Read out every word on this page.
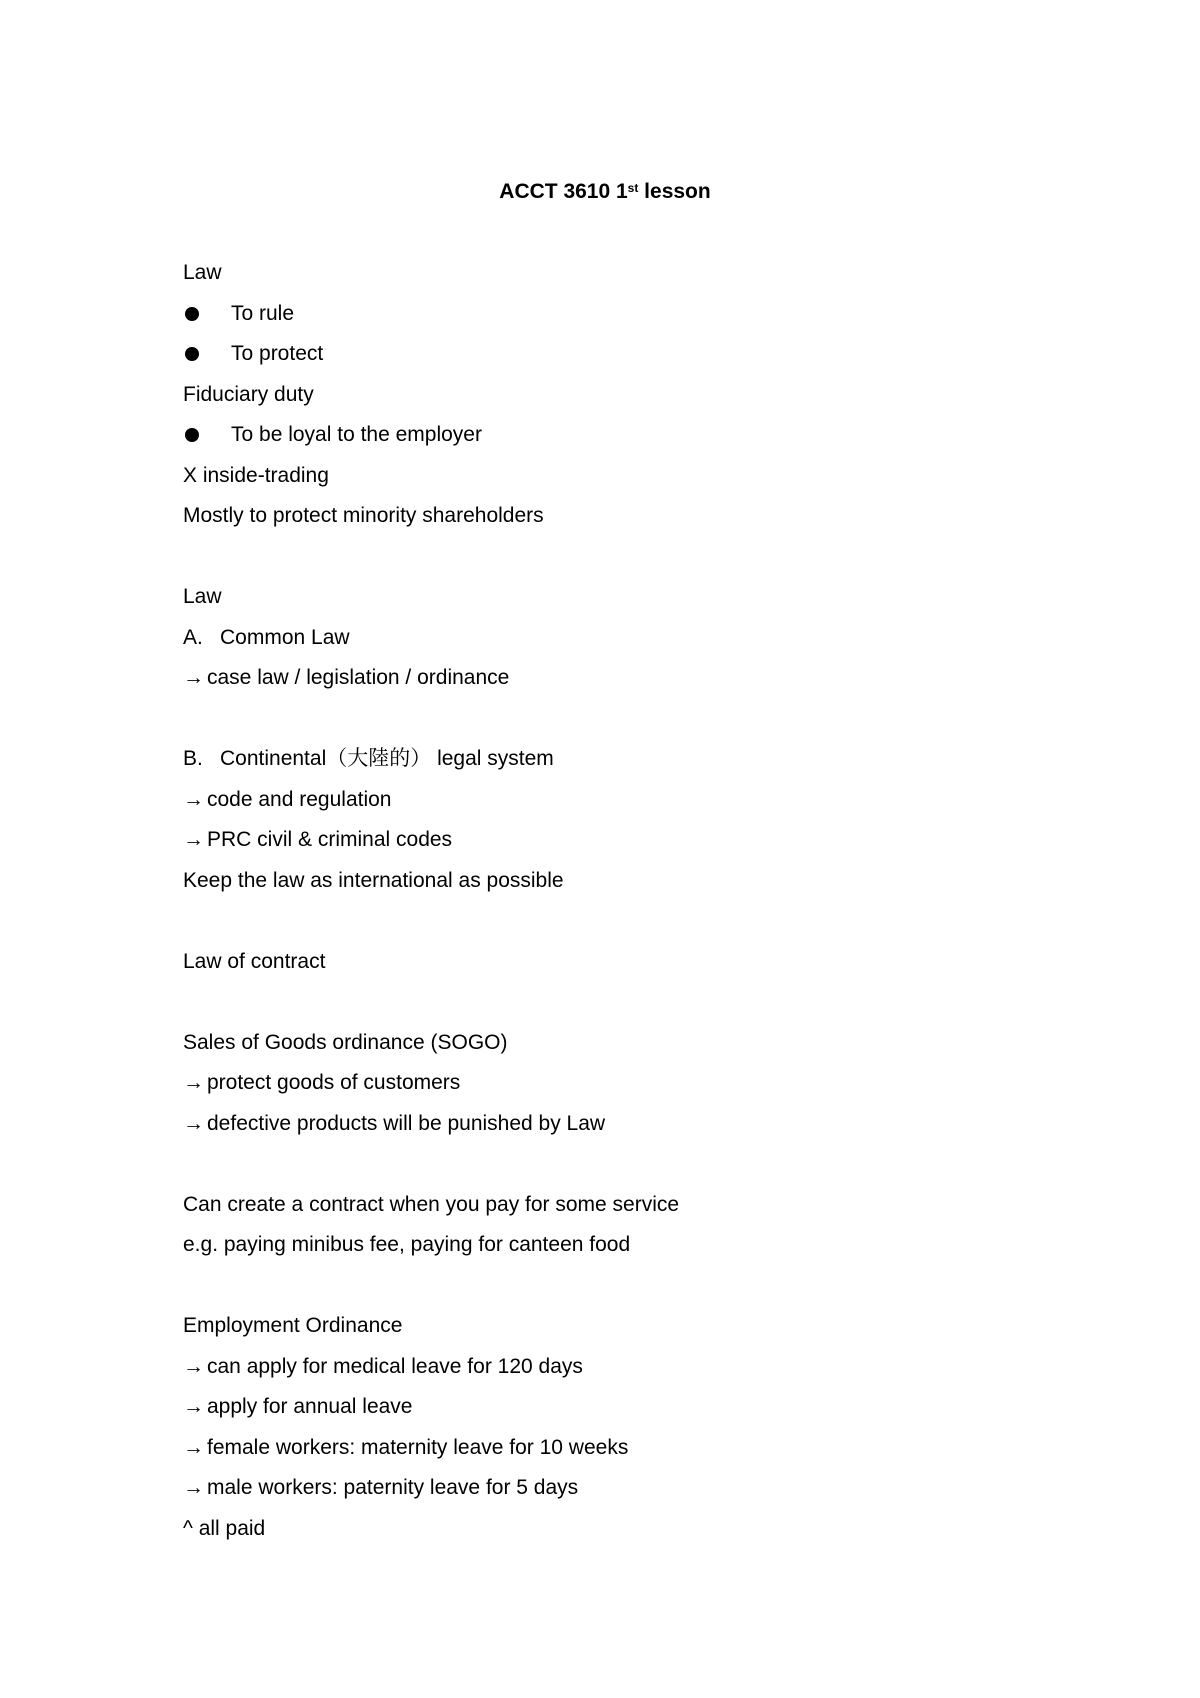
ACCT 3610 1st lesson
Law
To rule
To protect
Fiduciary duty
To be loyal to the employer
X inside-trading
Mostly to protect minority shareholders
Law
A. Common Law
→ case law / legislation / ordinance
B. Continental（大陸的） legal system
→ code and regulation
→ PRC civil & criminal codes
Keep the law as international as possible
Law of contract
Sales of Goods ordinance (SOGO)
→ protect goods of customers
→ defective products will be punished by Law
Can create a contract when you pay for some service
e.g. paying minibus fee, paying for canteen food
Employment Ordinance
→ can apply for medical leave for 120 days
→ apply for annual leave
→ female workers: maternity leave for 10 weeks
→ male workers: paternity leave for 5 days
^ all paid
